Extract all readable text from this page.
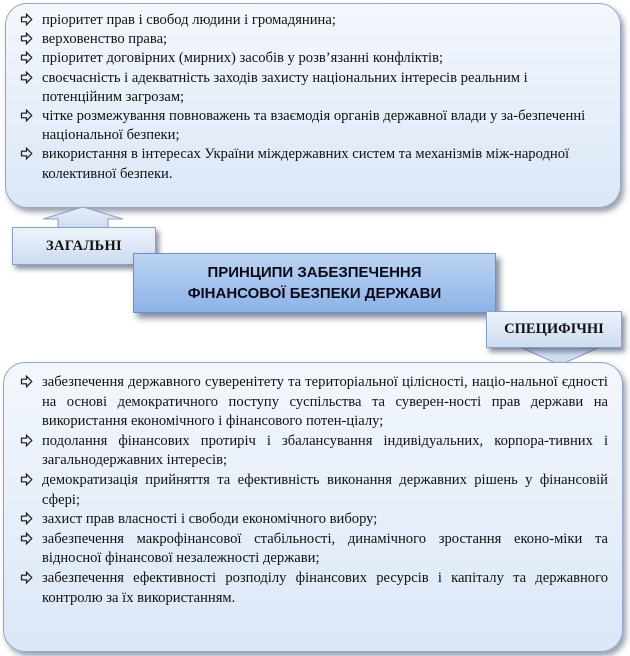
пріоритет прав і свобод людини і громадянина;
верховенство права;
пріоритет договірних (мирних) засобів у розв’язанні конфліктів;
своєчасність і адекватність заходів захисту національних інтересів реальним і потенційним загрозам;
чітке розмежування повноважень та взаємодія органів державної влади у за-безпеченні національної безпеки;
використання в інтересах України міждержавних систем та механізмів між-народної колективної безпеки.
ЗАГАЛЬНІ
ПРИНЦИПИ ЗАБЕЗПЕЧЕННЯ
ФІНАНСОВОЇ БЕЗПЕКИ ДЕРЖАВИ
СПЕЦИФІЧНІ
забезпечення державного суверенітету та територіальної цілісності, націо-нальної єдності на основі демократичного поступу суспільства та суверен-ності прав держави на використання економічного і фінансового потен-ціалу;
подолання фінансових протиріч і збалансування індивідуальних, корпора-тивних і загальнодержавних інтересів;
демократизація прийняття та ефективність виконання державних рішень у фінансовій сфері;
захист прав власності і свободи економічного вибору;
забезпечення макрофінансової стабільності, динамічного зростання еконо-міки та відносної фінансової незалежності держави;
забезпечення ефективності розподілу фінансових ресурсів і капіталу та державного контролю за їх використанням.
